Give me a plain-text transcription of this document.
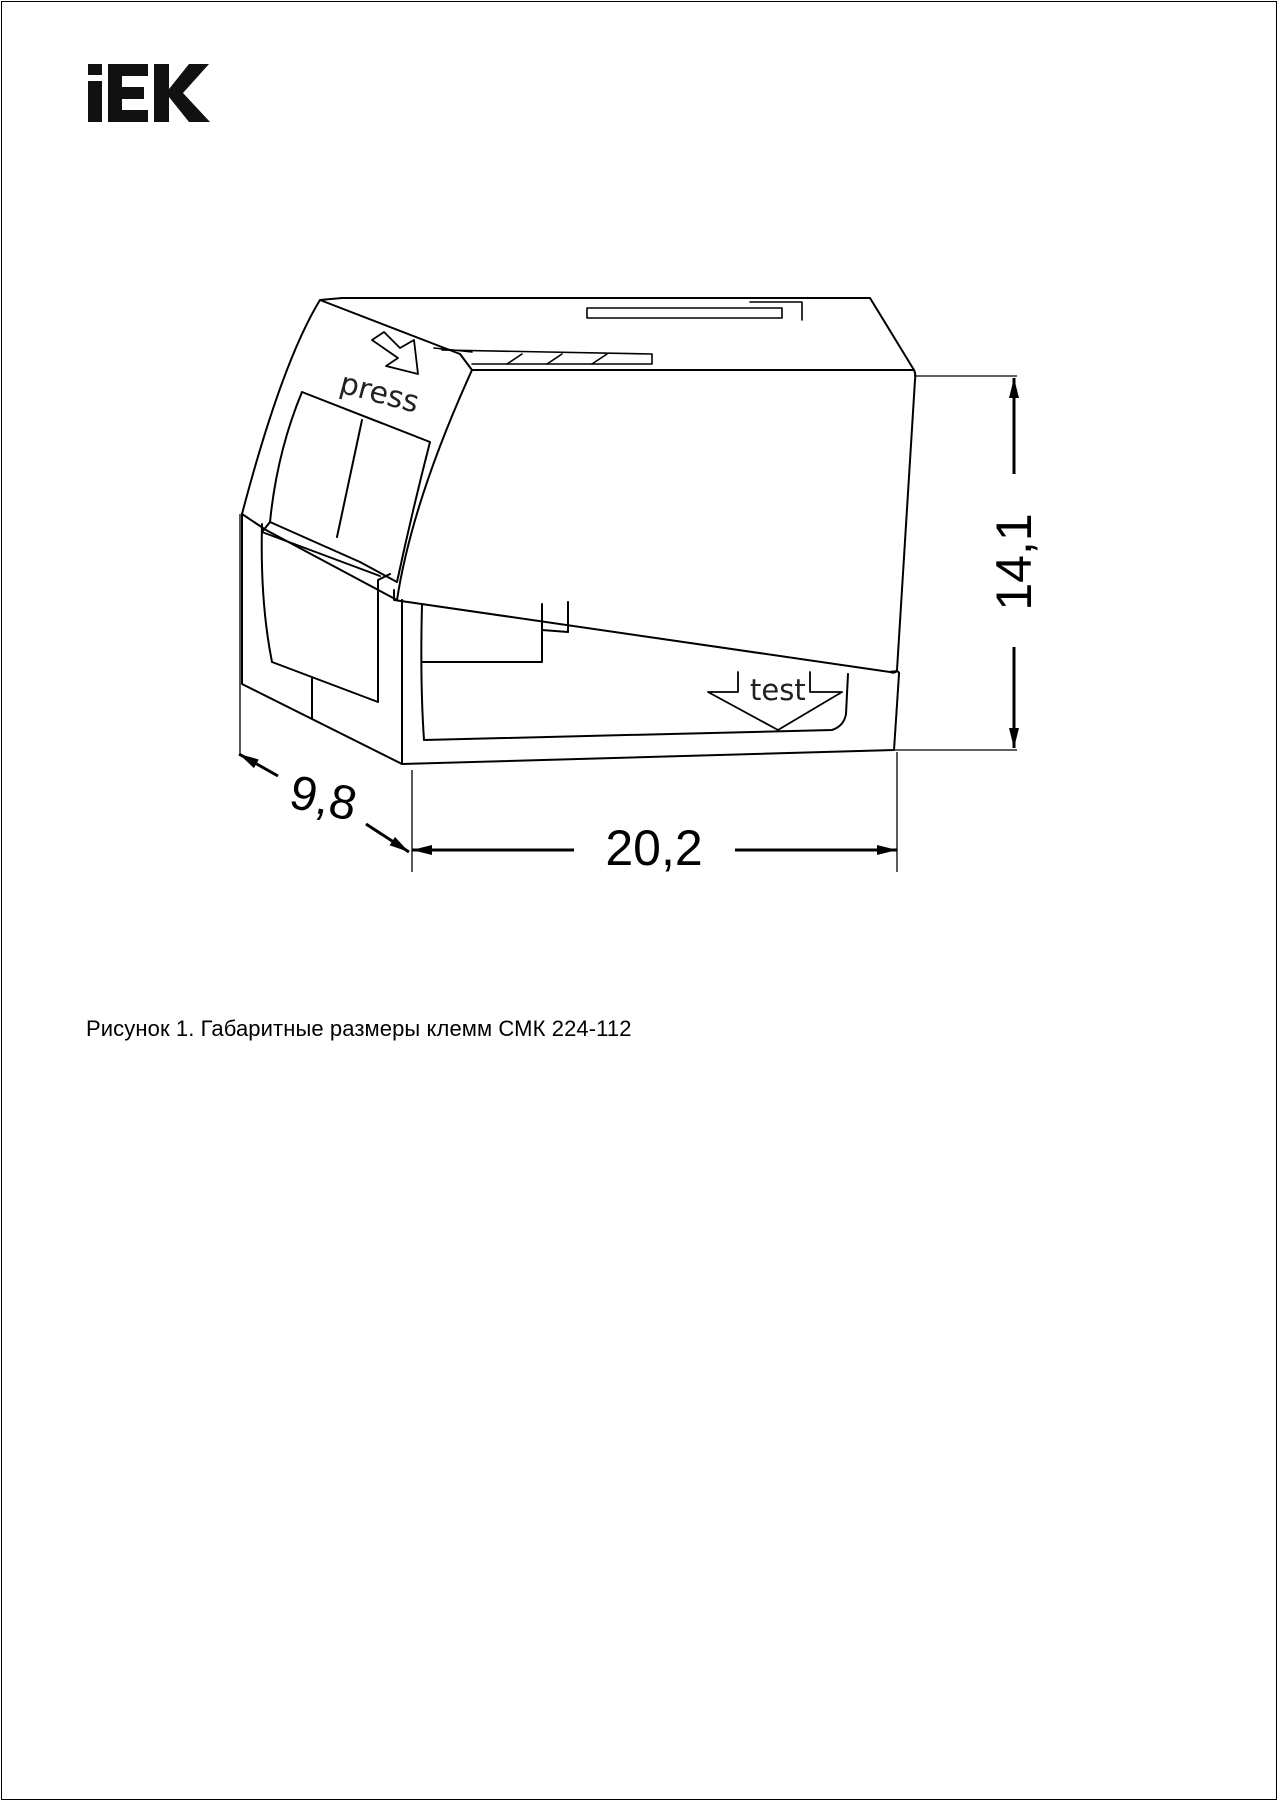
press
test
20,2
14,1
9,8
Рисунок 1. Габаритные размеры клемм СМК 224-112
